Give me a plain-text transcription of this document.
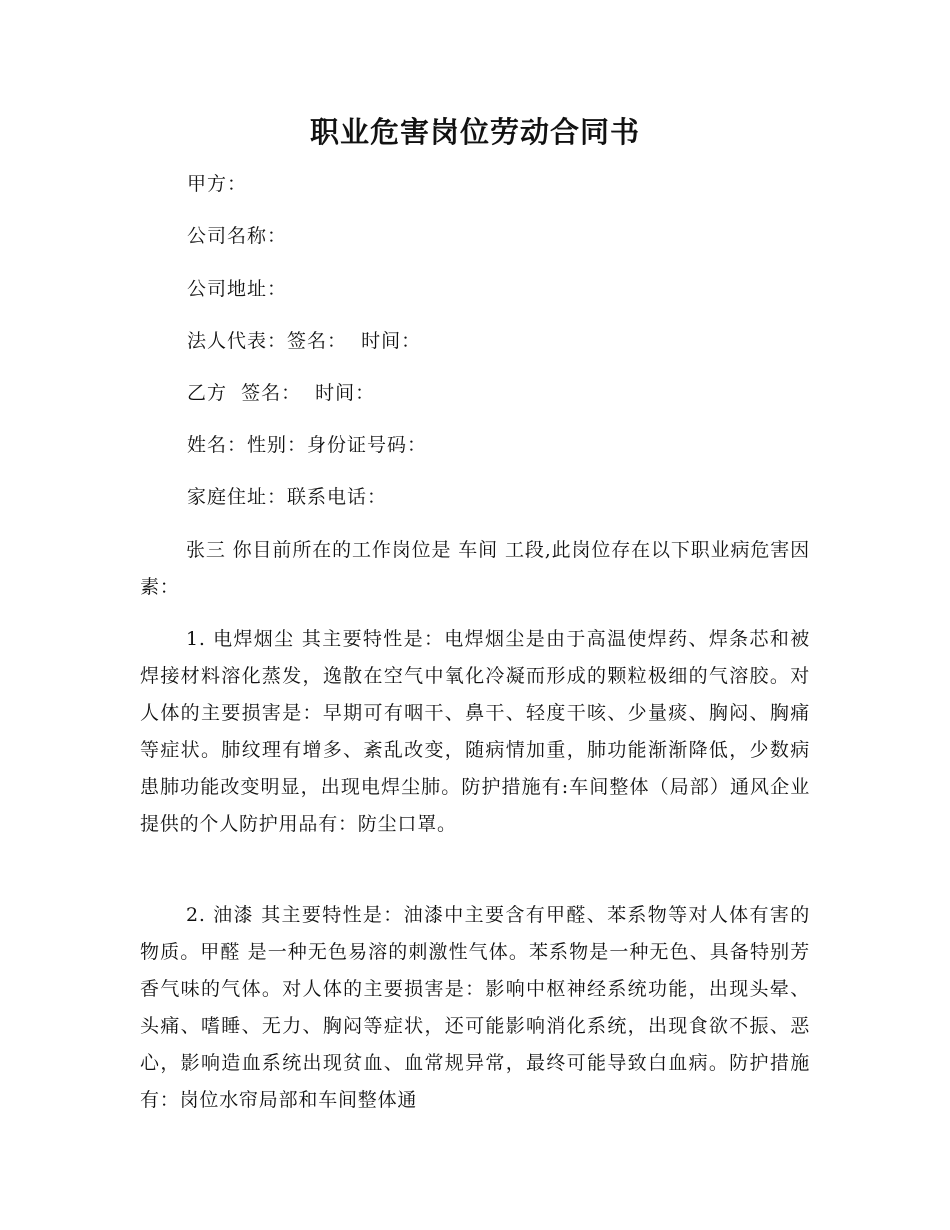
职业危害岗位劳动合同书
甲方：
公司名称：
公司地址：
法人代表：签名：  时间：
乙方  签名：  时间：
姓名：性别：身份证号码：
家庭住址：联系电话：
张三 你目前所在的工作岗位是 车间 工段,此岗位存在以下职业病危害因素：
1. 电焊烟尘 其主要特性是：电焊烟尘是由于高温使焊药、焊条芯和被焊接材料溶化蒸发，逸散在空气中氧化冷凝而形成的颗粒极细的气溶胶。对人体的主要损害是：早期可有咽干、鼻干、轻度干咳、少量痰、胸闷、胸痛等症状。肺纹理有增多、紊乱改变，随病情加重，肺功能渐渐降低，少数病患肺功能改变明显，出现电焊尘肺。防护措施有:车间整体（局部）通风企业提供的个人防护用品有：防尘口罩。
2. 油漆 其主要特性是：油漆中主要含有甲醛、苯系物等对人体有害的物质。甲醛 是一种无色易溶的刺激性气体。苯系物是一种无色、具备特别芳香气味的气体。对人体的主要损害是：影响中枢神经系统功能，出现头晕、头痛、嗜睡、无力、胸闷等症状，还可能影响消化系统，出现食欲不振、恶心，影响造血系统出现贫血、血常规异常，最终可能导致白血病。防护措施有：岗位水帘局部和车间整体通
